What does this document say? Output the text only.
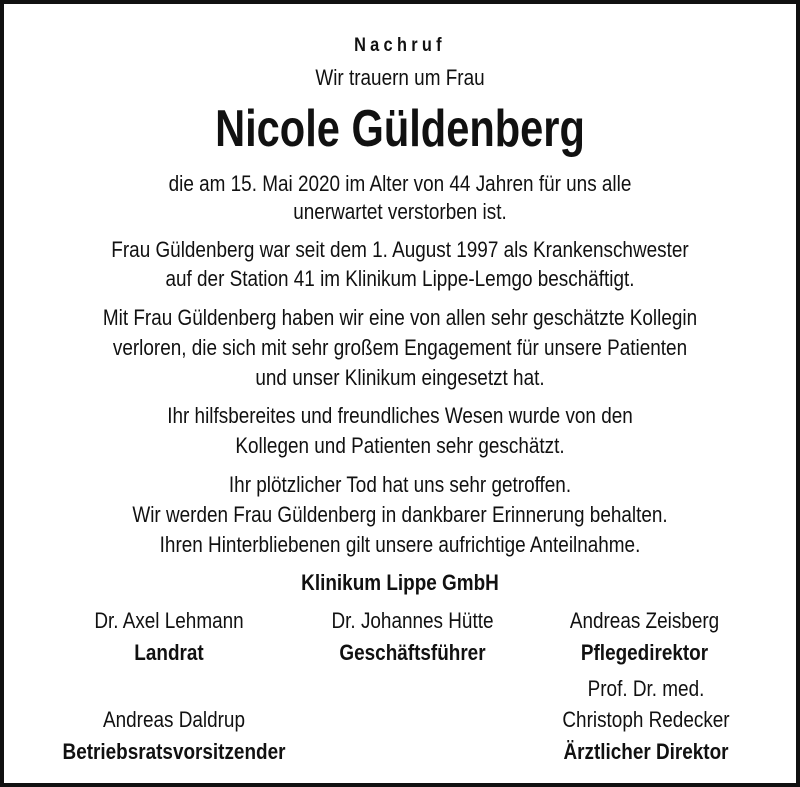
Nachruf
Wir trauern um Frau
Nicole Güldenberg
die am 15. Mai 2020 im Alter von 44 Jahren für uns alle
unerwartet verstorben ist.
Frau Güldenberg war seit dem 1. August 1997 als Krankenschwester
auf der Station 41 im Klinikum Lippe-Lemgo beschäftigt.
Mit Frau Güldenberg haben wir eine von allen sehr geschätzte Kollegin
verloren, die sich mit sehr großem Engagement für unsere Patienten
und unser Klinikum eingesetzt hat.
Ihr hilfsbereites und freundliches Wesen wurde von den
Kollegen und Patienten sehr geschätzt.
Ihr plötzlicher Tod hat uns sehr getroffen.
Wir werden Frau Güldenberg in dankbarer Erinnerung behalten.
Ihren Hinterbliebenen gilt unsere aufrichtige Anteilnahme.
Klinikum Lippe GmbH
Dr. Axel Lehmann
Landrat
Dr. Johannes Hütte
Geschäftsführer
Andreas Zeisberg
Pflegedirektor
Andreas Daldrup
Betriebsratsvorsitzender
Prof. Dr. med.
Christoph Redecker
Ärztlicher Direktor
